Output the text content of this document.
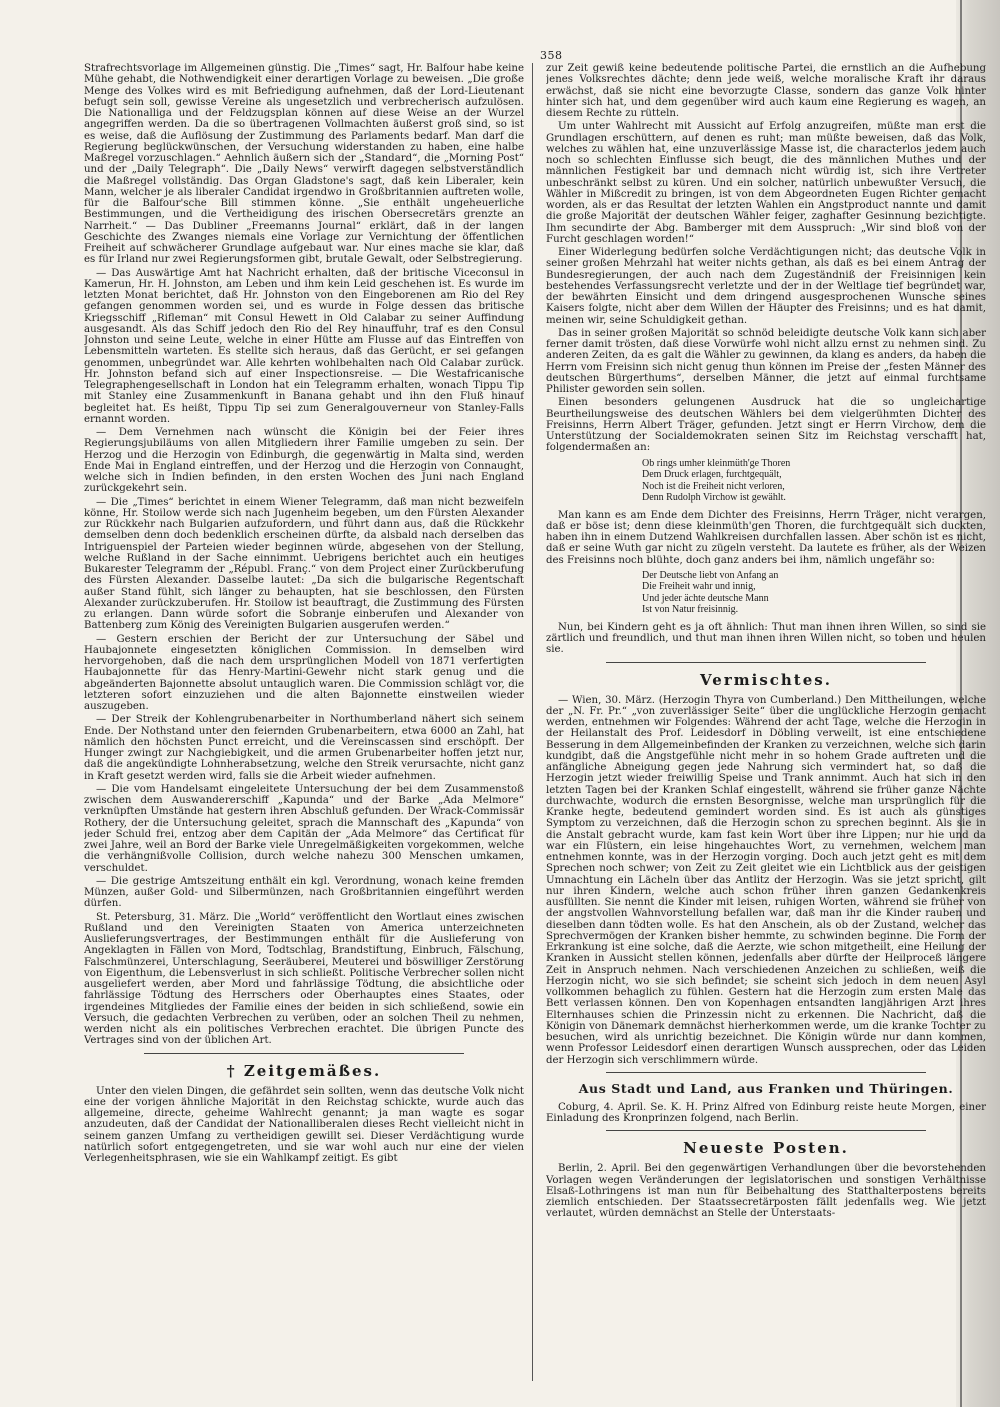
358

Strafrechtsvorlage im Allgemeinen günstig. Die „Times“ sagt, Hr. Balfour habe keine Mühe gehabt, die Nothwendigkeit einer derartigen Vorlage zu beweisen. „Die große Menge des Volkes wird es mit Befriedigung aufnehmen, daß der Lord-Lieutenant befugt sein soll, gewisse Vereine als ungesetzlich und verbrecherisch aufzulösen. Die Nationalliga und der Feldzugsplan können auf diese Weise an der Wurzel angegriffen werden. Da die so übertragenen Vollmachten äußerst groß sind, so ist es weise, daß die Auflösung der Zustimmung des Parlaments bedarf. Man darf die Regierung beglückwünschen, der Versuchung widerstanden zu haben, eine halbe Maßregel vorzuschlagen.“ Aehnlich äußern sich der „Standard“, die „Morning Post“ und der „Daily Telegraph“. Die „Daily News“ verwirft dagegen selbstverständlich die Maßregel vollständig. Das Organ Gladstone's sagt, daß kein Liberaler, kein Mann, welcher je als liberaler Candidat irgendwo in Großbritannien auftreten wolle, für die Balfour'sche Bill stimmen könne. „Sie enthält ungeheuerliche Bestimmungen, und die Vertheidigung des irischen Obersecretärs grenzte an Narrheit.“ — Das Dubliner „Freemanns Journal“ erklärt, daß in der langen Geschichte des Zwanges niemals eine Vorlage zur Vernichtung der öffentlichen Freiheit auf schwächerer Grundlage aufgebaut war. Nur eines mache sie klar, daß es für Irland nur zwei Regierungsformen gibt, brutale Gewalt, oder Selbstregierung.

— Das Auswärtige Amt hat Nachricht erhalten, daß der britische Viceconsul in Kamerun, Hr. H. Johnston, am Leben und ihm kein Leid geschehen ist. Es wurde im letzten Monat berichtet, daß Hr. Johnston von den Eingeborenen am Rio del Rey gefangen genommen worden sei, und es wurde in Folge dessen das britische Kriegsschiff „Rifleman“ mit Consul Hewett in Old Calabar zu seiner Auffindung ausgesandt. Als das Schiff jedoch den Rio del Rey hinauffuhr, traf es den Consul Johnston und seine Leute, welche in einer Hütte am Flusse auf das Eintreffen von Lebensmitteln warteten. Es stellte sich heraus, daß das Gerücht, er sei gefangen genommen, unbegründet war. Alle kehrten wohlbehalten nach Old Calabar zurück. Hr. Johnston befand sich auf einer Inspectionsreise. — Die Westafricanische Telegraphengesellschaft in London hat ein Telegramm erhalten, wonach Tippu Tip mit Stanley eine Zusammenkunft in Banana gehabt und ihn den Fluß hinauf begleitet hat. Es heißt, Tippu Tip sei zum Generalgouverneur von Stanley-Falls ernannt worden.

— Dem Vernehmen nach wünscht die Königin bei der Feier ihres Regierungsjubiläums von allen Mitgliedern ihrer Familie umgeben zu sein. Der Herzog und die Herzogin von Edinburgh, die gegenwärtig in Malta sind, werden Ende Mai in England eintreffen, und der Herzog und die Herzogin von Connaught, welche sich in Indien befinden, in den ersten Wochen des Juni nach England zurückgekehrt sein.

— Die „Times“ berichtet in einem Wiener Telegramm, daß man nicht bezweifeln könne, Hr. Stoilow werde sich nach Jugenheim begeben, um den Fürsten Alexander zur Rückkehr nach Bulgarien aufzufordern, und führt dann aus, daß die Rückkehr demselben denn doch bedenklich erscheinen dürfte, da alsbald nach derselben das Intriguenspiel der Parteien wieder beginnen würde, abgesehen von der Stellung, welche Rußland in der Sache einnimmt. Uebrigens berichtet auch ein heutiges Bukarester Telegramm der „Républ. Franç.“ von dem Project einer Zurückberufung des Fürsten Alexander. Dasselbe lautet: „Da sich die bulgarische Regentschaft außer Stand fühlt, sich länger zu behaupten, hat sie beschlossen, den Fürsten Alexander zurückzuberufen. Hr. Stoilow ist beauftragt, die Zustimmung des Fürsten zu erlangen. Dann würde sofort die Sobranje einberufen und Alexander von Battenberg zum König des Vereinigten Bulgarien ausgerufen werden.“

— Gestern erschien der Bericht der zur Untersuchung der Säbel und Haubajonnete eingesetzten königlichen Commission. In demselben wird hervorgehoben, daß die nach dem ursprünglichen Modell von 1871 verfertigten Haubajonnette für das Henry-Martini-Gewehr nicht stark genug und die abgeänderten Bajonnette absolut untauglich waren. Die Commission schlägt vor, die letzteren sofort einzuziehen und die alten Bajonnette einstweilen wieder auszugeben.

— Der Streik der Kohlengrubenarbeiter in Northumberland nähert sich seinem Ende. Der Nothstand unter den feiernden Grubenarbeitern, etwa 6000 an Zahl, hat nämlich den höchsten Punct erreicht, und die Vereinscassen sind erschöpft. Der Hunger zwingt zur Nachgiebigkeit, und die armen Grubenarbeiter hoffen jetzt nur, daß die angekündigte Lohnherabsetzung, welche den Streik verursachte, nicht ganz in Kraft gesetzt werden wird, falls sie die Arbeit wieder aufnehmen.

— Die vom Handelsamt eingeleitete Untersuchung der bei dem Zusammenstoß zwischen dem Auswandererschiff „Kapunda“ und der Barke „Ada Melmore“ verknüpften Umstände hat gestern ihren Abschluß gefunden. Der Wrack-Commissär Rothery, der die Untersuchung geleitet, sprach die Mannschaft des „Kapunda“ von jeder Schuld frei, entzog aber dem Capitän der „Ada Melmore“ das Certificat für zwei Jahre, weil an Bord der Barke viele Unregelmäßigkeiten vorgekommen, welche die verhängnißvolle Collision, durch welche nahezu 300 Menschen umkamen, verschuldet.

— Die gestrige Amtszeitung enthält ein kgl. Verordnung, wonach keine fremden Münzen, außer Gold- und Silbermünzen, nach Großbritannien eingeführt werden dürfen.

St. Petersburg, 31. März. Die „World“ veröffentlicht den Wortlaut eines zwischen Rußland und den Vereinigten Staaten von America unterzeichneten Auslieferungsvertrages, der Bestimmungen enthält für die Auslieferung von Angeklagten in Fällen von Mord, Todtschlag, Brandstiftung, Einbruch, Fälschung, Falschmünzerei, Unterschlagung, Seeräuberei, Meuterei und böswilliger Zerstörung von Eigenthum, die Lebensverlust in sich schließt. Politische Verbrecher sollen nicht ausgeliefert werden, aber Mord und fahrlässige Tödtung, die absichtliche oder fahrlässige Tödtung des Herrschers oder Oberhauptes eines Staates, oder irgendeines Mitgliedes der Familie eines der beiden in sich schließend, sowie ein Versuch, die gedachten Verbrechen zu verüben, oder an solchen Theil zu nehmen, werden nicht als ein politisches Verbrechen erachtet. Die übrigen Puncte des Vertrages sind von der üblichen Art.

† Zeitgemäßes.

Unter den vielen Dingen, die gefährdet sein sollten, wenn das deutsche Volk nicht eine der vorigen ähnliche Majorität in den Reichstag schickte, wurde auch das allgemeine, directe, geheime Wahlrecht genannt; ja man wagte es sogar anzudeuten, daß der Candidat der Nationalliberalen dieses Recht vielleicht nicht in seinem ganzen Umfang zu vertheidigen gewillt sei. Dieser Verdächtigung wurde natürlich sofort entgegengetreten, und sie war wohl auch nur eine der vielen Verlegenheitsphrasen, wie sie ein Wahlkampf zeitigt. Es gibt

zur Zeit gewiß keine bedeutende politische Partei, die ernstlich an die Aufhebung jenes Volksrechtes dächte; denn jede weiß, welche moralische Kraft ihr daraus erwächst, daß sie nicht eine bevorzugte Classe, sondern das ganze Volk hinter hinter sich hat, und dem gegenüber wird auch kaum eine Regierung es wagen, an diesem Rechte zu rütteln.

Um unter Wahlrecht mit Aussicht auf Erfolg anzugreifen, müßte man erst die Grundlagen erschüttern, auf denen es ruht; man müßte beweisen, daß das Volk, welches zu wählen hat, eine unzuverlässige Masse ist, die characterlos jedem auch noch so schlechten Einflusse sich beugt, die des männlichen Muthes und der männlichen Festigkeit bar und demnach nicht würdig ist, sich ihre Vertreter unbeschränkt selbst zu küren. Und ein solcher, natürlich unbewußter Versuch, die Wähler in Mißcredit zu bringen, ist von dem Abgeordneten Eugen Richter gemacht worden, als er das Resultat der letzten Wahlen ein Angstproduct nannte und damit die große Majorität der deutschen Wähler feiger, zaghafter Gesinnung bezichtigte. Ihm secundirte der Abg. Bamberger mit dem Ausspruch: „Wir sind bloß von der Furcht geschlagen worden!“

Einer Widerlegung bedürfen solche Verdächtigungen nicht; das deutsche Volk in seiner großen Mehrzahl hat weiter nichts gethan, als daß es bei einem Antrag der Bundesregierungen, der auch nach dem Zugeständniß der Freisinnigen kein bestehendes Verfassungsrecht verletzte und der in der Weltlage tief begründet war, der bewährten Einsicht und dem dringend ausgesprochenen Wunsche seines Kaisers folgte, nicht aber dem Willen der Häupter des Freisinns; und es hat damit, meinen wir, seine Schuldigkeit gethan.

Das in seiner großen Majorität so schnöd beleidigte deutsche Volk kann sich aber ferner damit trösten, daß diese Vorwürfe wohl nicht allzu ernst zu nehmen sind. Zu anderen Zeiten, da es galt die Wähler zu gewinnen, da klang es anders, da haben die Herrn vom Freisinn sich nicht genug thun können im Preise der „festen Männer des deutschen Bürgerthums“, derselben Männer, die jetzt auf einmal furchtsame Philister geworden sein sollen.

Einen besonders gelungenen Ausdruck hat die so ungleichartige Beurtheilungsweise des deutschen Wählers bei dem vielgerühmten Dichter des Freisinns, Herrn Albert Träger, gefunden. Jetzt singt er Herrn Virchow, dem die Unterstützung der Socialdemokraten seinen Sitz im Reichstag verschafft hat, folgendermaßen an:

Ob rings umher kleinmüth'ge Thoren
Dem Druck erlagen, furchtgequält,
Noch ist die Freiheit nicht verloren,
Denn Rudolph Virchow ist gewählt.

Man kann es am Ende dem Dichter des Freisinns, Herrn Träger, nicht verargen, daß er böse ist; denn diese kleinmüth'gen Thoren, die furchtgequält sich duckten, haben ihn in einem Dutzend Wahlkreisen durchfallen lassen. Aber schön ist es nicht, daß er seine Wuth gar nicht zu zügeln versteht. Da lautete es früher, als der Weizen des Freisinns noch blühte, doch ganz anders bei ihm, nämlich ungefähr so:

Der Deutsche liebt von Anfang an
Die Freiheit wahr und innig,
Und jeder ächte deutsche Mann
Ist von Natur freisinnig.

Nun, bei Kindern geht es ja oft ähnlich: Thut man ihnen ihren Willen, so sind sie zärtlich und freundlich, und thut man ihnen ihren Willen nicht, so toben und heulen sie.

Vermischtes.

— Wien, 30. März. (Herzogin Thyra von Cumberland.) Den Mittheilungen, welche der „N. Fr. Pr.“ „von zuverlässiger Seite“ über die unglückliche Herzogin gemacht werden, entnehmen wir Folgendes: Während der acht Tage, welche die Herzogin in der Heilanstalt des Prof. Leidesdorf in Döbling verweilt, ist eine entschiedene Besserung in dem Allgemeinbefinden der Kranken zu verzeichnen, welche sich darin kundgibt, daß die Angstgefühle nicht mehr in so hohem Grade auftreten und die anfängliche Abneigung gegen jede Nahrung sich vermindert hat, so daß die Herzogin jetzt wieder freiwillig Speise und Trank annimmt. Auch hat sich in den letzten Tagen bei der Kranken Schlaf eingestellt, während sie früher ganze Nächte durchwachte, wodurch die ernsten Besorgnisse, welche man ursprünglich für die Kranke hegte, bedeutend gemindert worden sind. Es ist auch als günstiges Symptom zu verzeichnen, daß die Herzogin schon zu sprechen beginnt. Als sie in die Anstalt gebracht wurde, kam fast kein Wort über ihre Lippen; nur hie und da war ein Flüstern, ein leise hingehauchtes Wort, zu vernehmen, welchem man entnehmen konnte, was in der Herzogin vorging. Doch auch jetzt geht es mit dem Sprechen noch schwer; von Zeit zu Zeit gleitet wie ein Lichtblick aus der geistigen Umnachtung ein Lächeln über das Antlitz der Herzogin. Was sie jetzt spricht, gilt nur ihren Kindern, welche auch schon früher ihren ganzen Gedankenkreis ausfüllten. Sie nennt die Kinder mit leisen, ruhigen Worten, während sie früher von der angstvollen Wahnvorstellung befallen war, daß man ihr die Kinder rauben und dieselben dann tödten wolle. Es hat den Anschein, als ob der Zustand, welcher das Sprechvermögen der Kranken bisher hemmte, zu schwinden beginne. Die Form der Erkrankung ist eine solche, daß die Aerzte, wie schon mitgetheilt, eine Heilung der Kranken in Aussicht stellen können, jedenfalls aber dürfte der Heilproceß längere Zeit in Anspruch nehmen. Nach verschiedenen Anzeichen zu schließen, weiß die Herzogin nicht, wo sie sich befindet; sie scheint sich jedoch in dem neuen Asyl vollkommen behaglich zu fühlen. Gestern hat die Herzogin zum ersten Male das Bett verlassen können. Den von Kopenhagen entsandten langjährigen Arzt ihres Elternhauses schien die Prinzessin nicht zu erkennen. Die Nachricht, daß die Königin von Dänemark demnächst hierherkommen werde, um die kranke Tochter zu besuchen, wird als unrichtig bezeichnet. Die Königin würde nur dann kommen, wenn Professor Leidesdorf einen derartigen Wunsch aussprechen, oder das Leiden der Herzogin sich verschlimmern würde.

Aus Stadt und Land, aus Franken und Thüringen.

Coburg, 4. April. Se. K. H. Prinz Alfred von Edinburg reiste heute Morgen, einer Einladung des Kronprinzen folgend, nach Berlin.

Neueste Posten.

Berlin, 2. April. Bei den gegenwärtigen Verhandlungen über die bevorstehenden Vorlagen wegen Veränderungen der legislatorischen und sonstigen Verhältnisse Elsaß-Lothringens ist man nun für Beibehaltung des Statthalterpostens bereits ziemlich entschieden. Der Staatssecretärposten fällt jedenfalls weg. Wie jetzt verlautet, würden demnächst an Stelle der Unterstaats-
